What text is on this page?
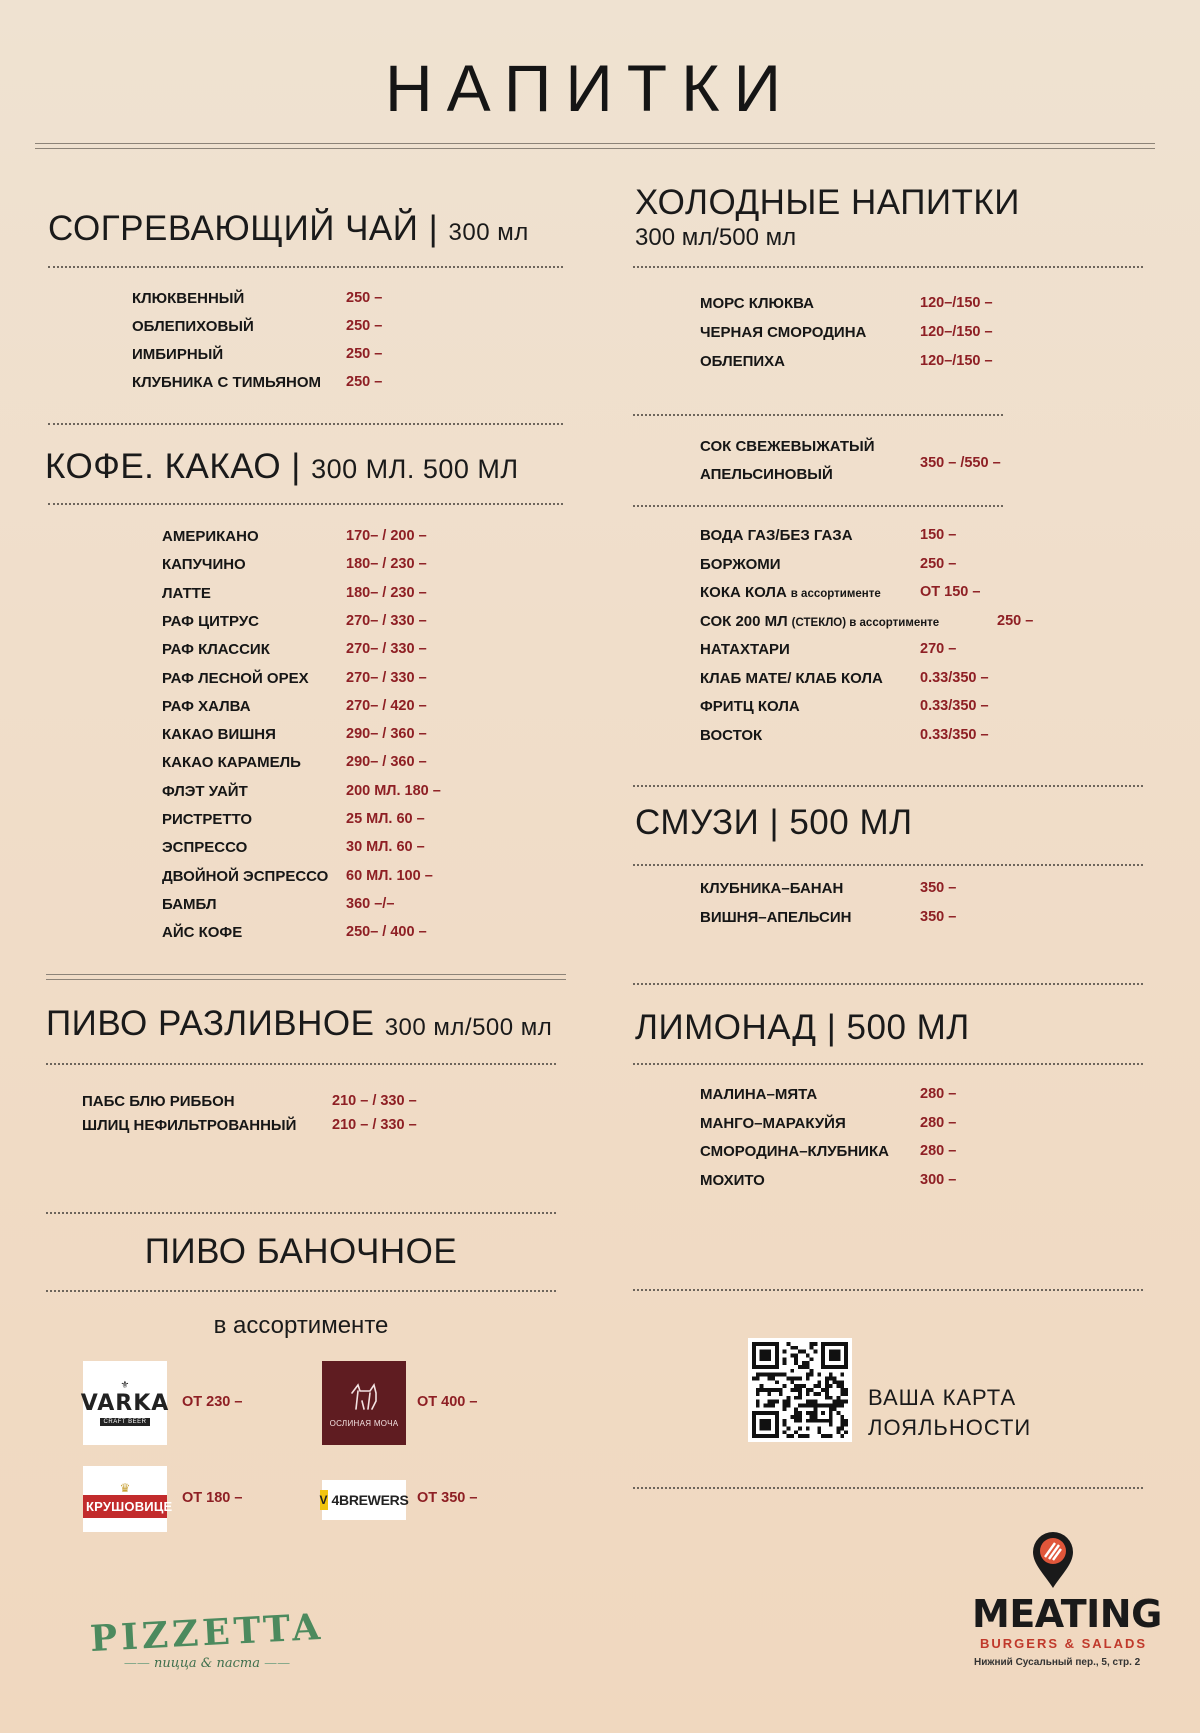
НАПИТКИ
СОГРЕВАЮЩИЙ ЧАЙ | 300 мл
КЛЮКВЕННЫЙ	250 –
ОБЛЕПИХОВЫЙ	250 –
ИМБИРНЫЙ	250 –
КЛУБНИКА С ТИМЬЯНОМ 250 –
КОФЕ. КАКАО | 300 МЛ. 500 МЛ
АМЕРИКАНО	170– / 200 –
КАПУЧИНО	180– / 230 –
ЛАТТЕ	180– / 230 –
РАФ ЦИТРУС	270– / 330 –
РАФ КЛАССИК	270– / 330 –
РАФ ЛЕСНОЙ ОРЕХ	270– / 330 –
РАФ ХАЛВА	270– / 420 –
КАКАО ВИШНЯ	290– / 360 –
КАКАО КАРАМЕЛЬ	290– / 360 –
ФЛЭТ УАЙТ	200 МЛ. 180 –
РИСТРЕТТО	25 МЛ. 60 –
ЭСПРЕССО	30 МЛ. 60 –
ДВОЙНОЙ ЭСПРЕССО 60 МЛ. 100 –
БАМБЛ	360 –/–
АЙС КОФЕ	250– / 400 –
ПИВО РАЗЛИВНОЕ 300 мл/500 мл
ПАБС БЛЮ РИББОН	210 – / 330 –
ШЛИЦ НЕФИЛЬТРОВАННЫЙ 210 – / 330 –
ПИВО БАНОЧНОЕ
в ассортименте
⚜
VARKA
CRAFT BEER
ОТ 230 –
ОСЛИНАЯ МОЧА
ОТ 400 –
♛
КРУШОВИЦЕ ОТ 180 –	V 4BREWERS ОТ 350 –
ХОЛОДНЫЕ НАПИТКИ
300 мл/500 мл
МОРС КЛЮКВА	120–/150 –
ЧЕРНАЯ СМОРОДИНА	120–/150 –
ОБЛЕПИХА	120–/150 –
СОК СВЕЖЕВЫЖАТЫЙ
АПЕЛЬСИНОВЫЙ
350 – /550 –
ВОДА ГАЗ/БЕЗ ГАЗА	150 –
БОРЖОМИ	250 –
КОКА КОЛА в ассортименте	ОТ 150 –
СОК 200 МЛ (СТЕКЛО) в ассортименте	250 –
НАТАХТАРИ	270 –
КЛАБ МАТЕ/ КЛАБ КОЛА	0.33/350 –
ФРИТЦ КОЛА	0.33/350 –
ВОСТОК	0.33/350 –
СМУЗИ | 500 МЛ
КЛУБНИКА–БАНАН	350 –
ВИШНЯ–АПЕЛЬСИН	350 –
ЛИМОНАД | 500 МЛ
МАЛИНА–МЯТА	280 –
МАНГО–МАРАКУЙЯ	280 –
СМОРОДИНА–КЛУБНИКА 280 –
МОХИТО	300 –
ВАША КАРТА
ЛОЯЛЬНОСТИ
PIZZETTA
—— пицца & паста ——
MEATING
BURGERS & SALADS
Нижний Сусальный пер., 5, стр. 2
